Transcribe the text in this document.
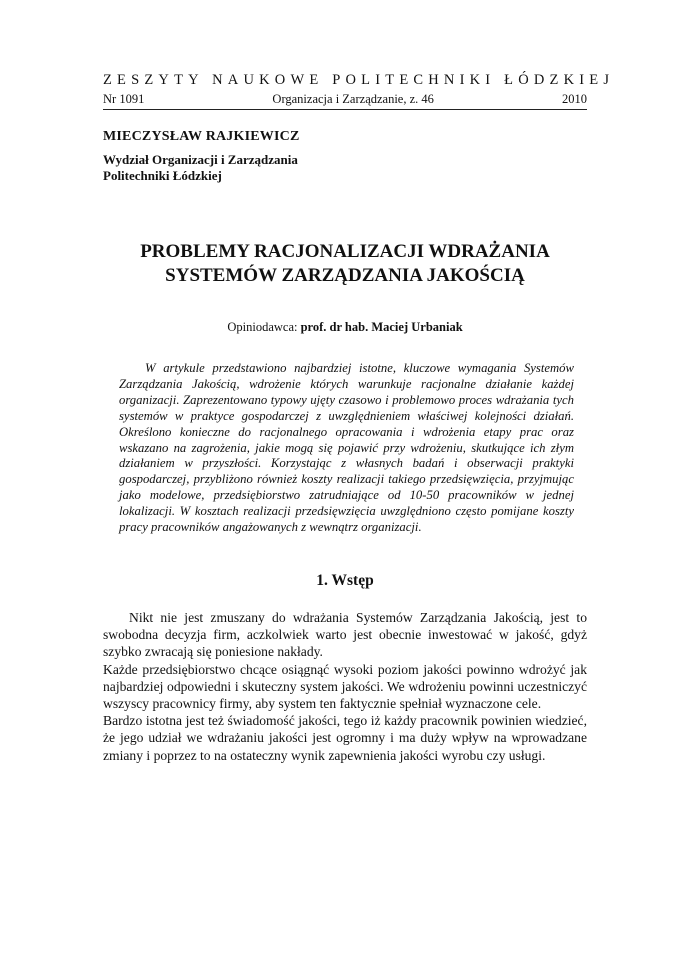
ZESZYTY NAUKOWE POLITECHNIKI ŁÓDZKIEJ
Nr 1091	Organizacja i Zarządzanie, z. 46	2010
MIECZYSŁAW RAJKIEWICZ
Wydział Organizacji i Zarządzania
Politechniki Łódzkiej
PROBLEMY RACJONALIZACJI WDRAŻANIA
SYSTEMÓW ZARZĄDZANIA JAKOŚCIĄ
Opiniodawca: prof. dr hab. Maciej Urbaniak

W artykule przedstawiono najbardziej istotne, kluczowe wymagania Systemów Zarządzania Jakością, wdrożenie których warunkuje racjonalne działanie każdej organizacji. Zaprezentowano typowy ujęty czasowo i problemowo proces wdrażania tych systemów w praktyce gospodarczej z uwzględnieniem właściwej kolejności działań. Określono konieczne do racjonalnego opracowania i wdrożenia etapy prac oraz wskazano na zagrożenia, jakie mogą się pojawić przy wdrożeniu, skutkujące ich złym działaniem w przyszłości. Korzystając z własnych badań i obserwacji praktyki gospodarczej, przybliżono również koszty realizacji takiego przedsięwzięcia, przyjmując jako modelowe, przedsiębiorstwo zatrudniające od 10-50 pracowników w jednej lokalizacji. W kosztach realizacji przedsięwzięcia uwzględniono często pomijane koszty pracy pracowników angażowanych z wewnątrz organizacji.

1. Wstęp

Nikt nie jest zmuszany do wdrażania Systemów Zarządzania Jakością, jest to swobodna decyzja firm, aczkolwiek warto jest obecnie inwestować w jakość, gdyż szybko zwracają się poniesione nakłady.

Każde przedsiębiorstwo chcące osiągnąć wysoki poziom jakości powinno wdrożyć jak najbardziej odpowiedni i skuteczny system jakości. We wdrożeniu powinni uczestniczyć wszyscy pracownicy firmy, aby system ten faktycznie spełniał wyznaczone cele.

Bardzo istotna jest też świadomość jakości, tego iż każdy pracownik powinien wiedzieć, że jego udział we wdrażaniu jakości jest ogromny i ma duży wpływ na wprowadzane zmiany i poprzez to na ostateczny wynik zapewnienia jakości wyrobu czy usługi.
